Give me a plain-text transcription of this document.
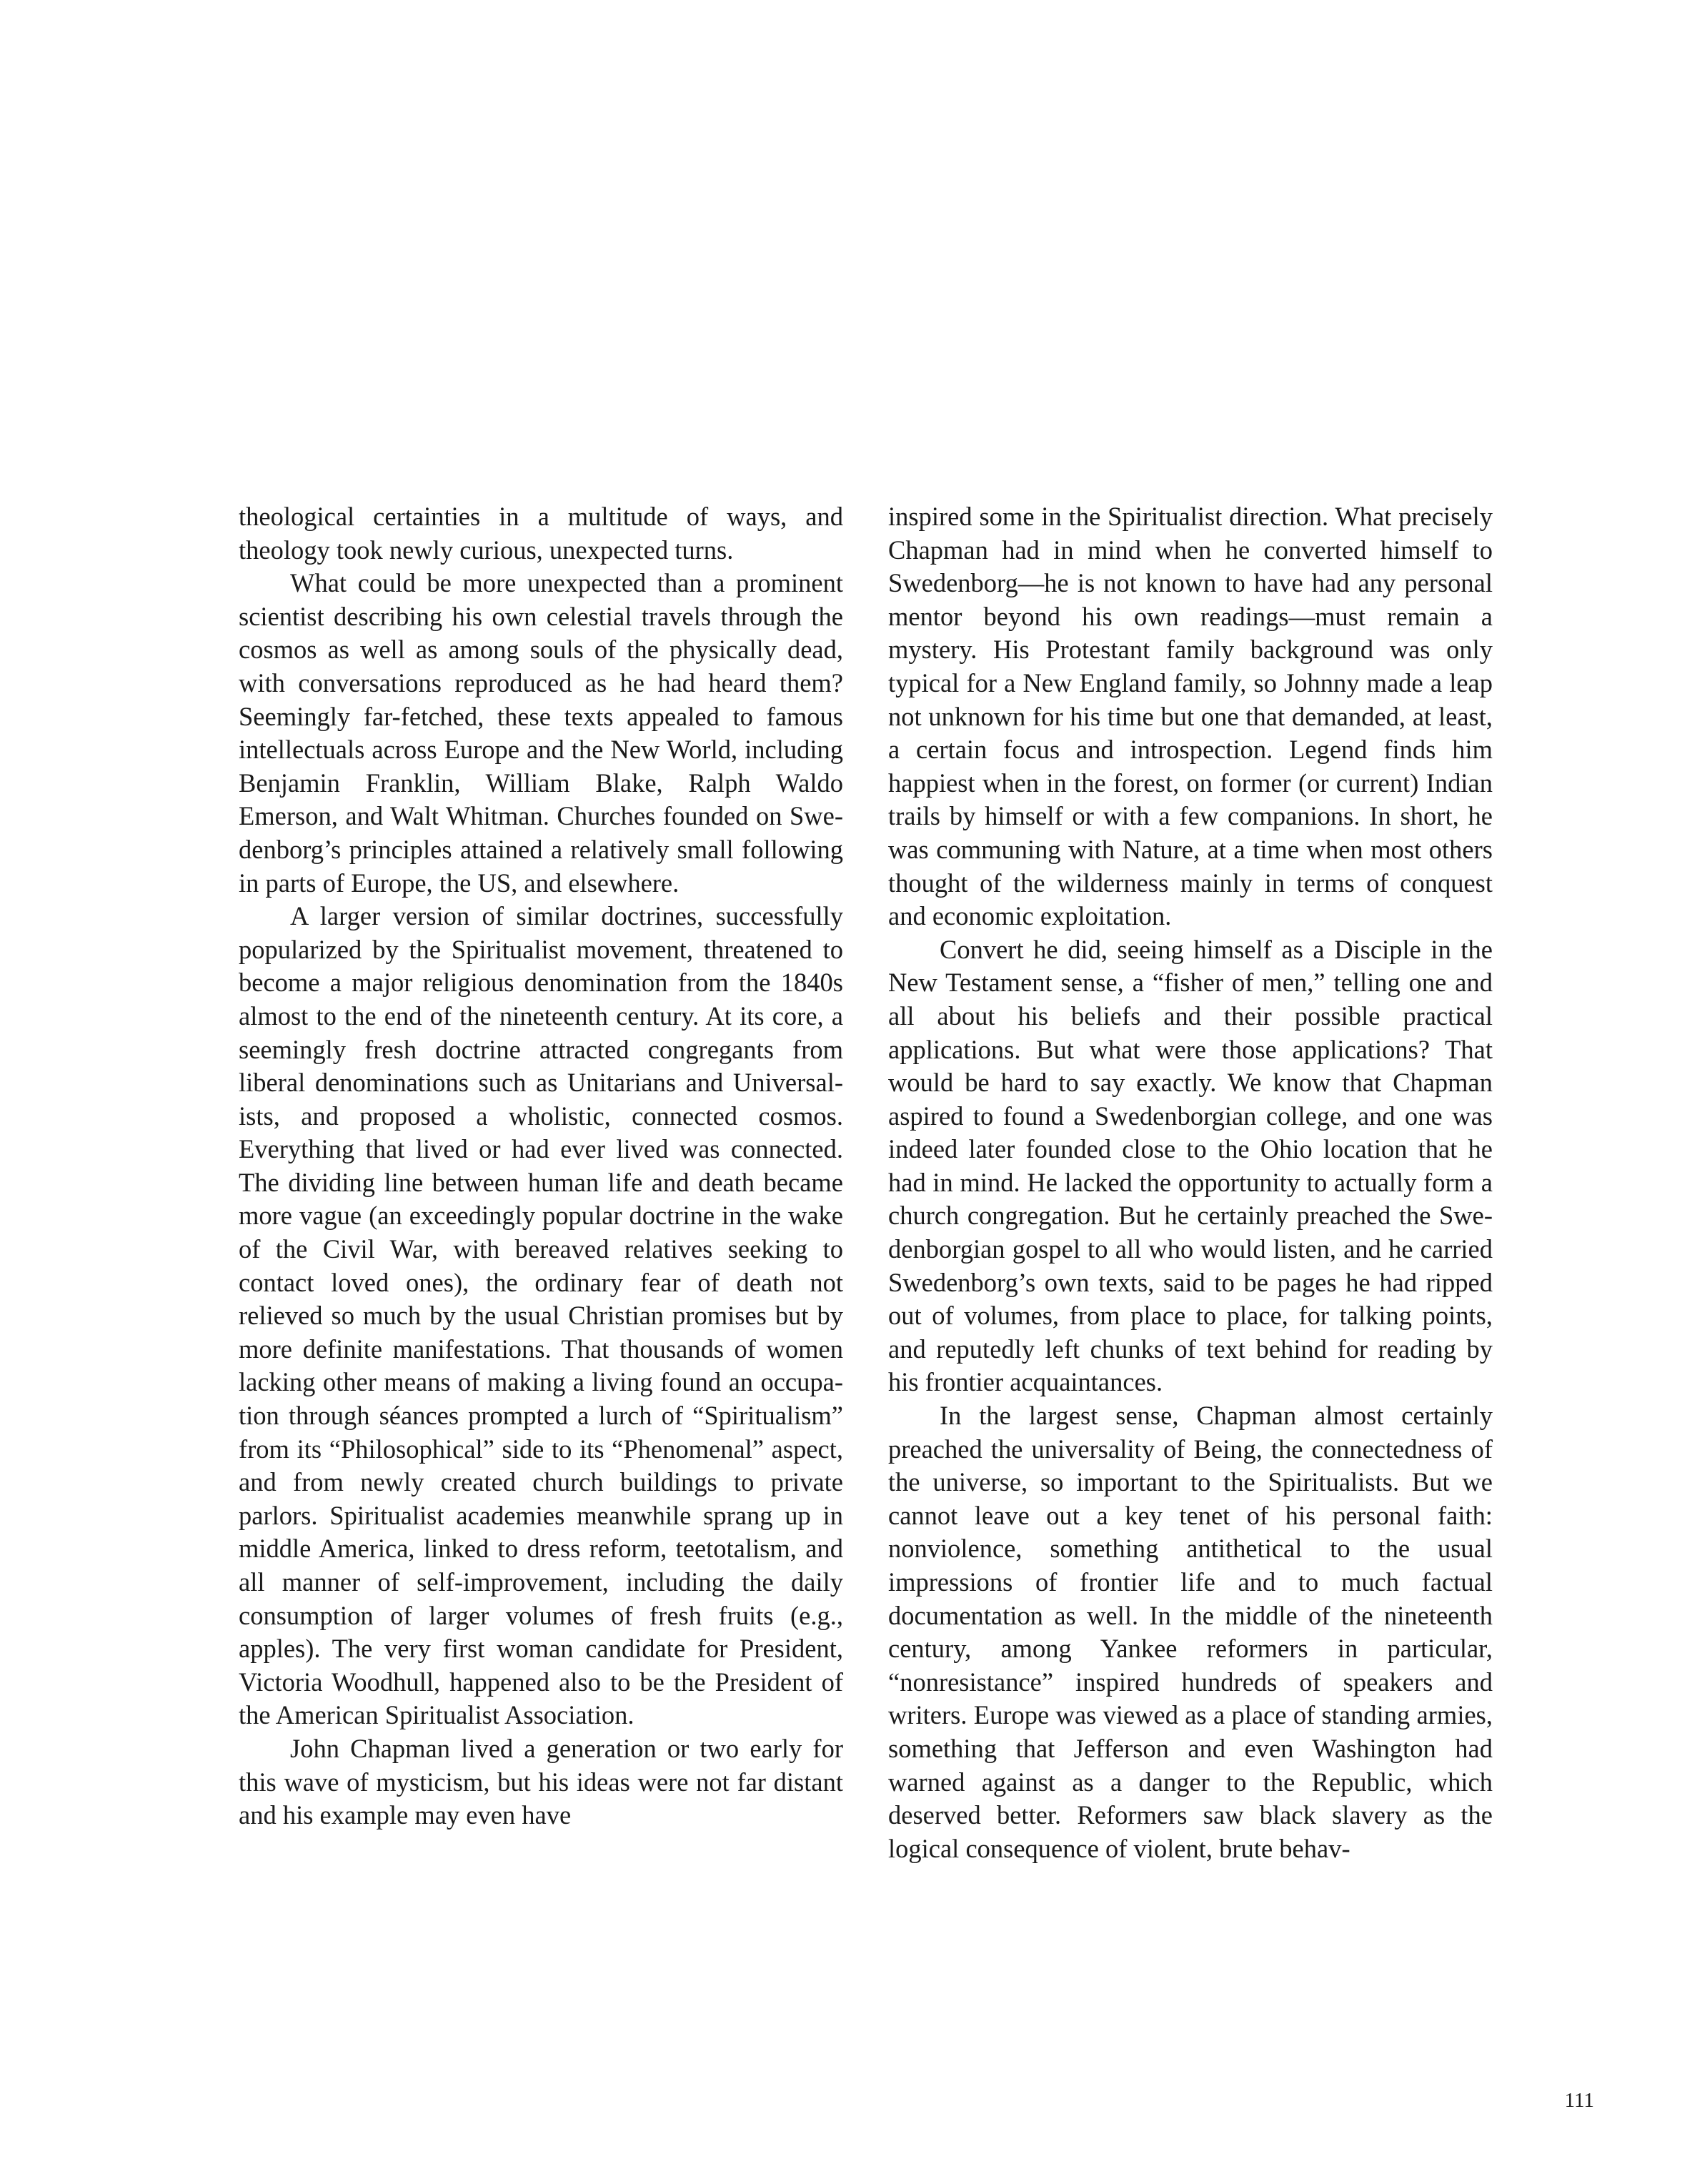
theological certainties in a multitude of ways, and theology took newly curious, unexpected turns.

What could be more unexpected than a prominent scientist describing his own celestial travels through the cosmos as well as among souls of the physically dead, with conversations reproduced as he had heard them? Seemingly far-fetched, these texts appealed to famous intellectuals across Europe and the New World, including Benjamin Franklin, William Blake, Ralph Waldo Emerson, and Walt Whitman. Churches founded on Swedenborg’s principles attained a relatively small following in parts of Europe, the US, and elsewhere.

A larger version of similar doctrines, successfully popularized by the Spiritualist movement, threatened to become a major religious denomination from the 1840s almost to the end of the nineteenth century. At its core, a seemingly fresh doctrine attracted congregants from liberal denominations such as Unitarians and Universalists, and proposed a wholistic, connected cosmos. Everything that lived or had ever lived was connected. The dividing line between human life and death became more vague (an exceedingly popular doctrine in the wake of the Civil War, with bereaved relatives seeking to contact loved ones), the ordinary fear of death not relieved so much by the usual Christian promises but by more definite manifestations. That thousands of women lacking other means of making a living found an occupation through séances prompted a lurch of “Spiritualism” from its “Philosophical” side to its “Phenomenal” aspect, and from newly created church buildings to private parlors. Spiritualist academies meanwhile sprang up in middle America, linked to dress reform, teetotalism, and all manner of self-improvement, including the daily consumption of larger volumes of fresh fruits (e.g., apples). The very first woman candidate for President, Victoria Woodhull, happened also to be the President of the American Spiritualist Association.

John Chapman lived a generation or two early for this wave of mysticism, but his ideas were not far distant and his example may even have

inspired some in the Spiritualist direction. What precisely Chapman had in mind when he converted himself to Swedenborg—he is not known to have had any personal mentor beyond his own readings—must remain a mystery. His Protestant family background was only typical for a New England family, so Johnny made a leap not unknown for his time but one that demanded, at least, a certain focus and introspection. Legend finds him happiest when in the forest, on former (or current) Indian trails by himself or with a few companions. In short, he was communing with Nature, at a time when most others thought of the wilderness mainly in terms of conquest and economic exploitation.

Convert he did, seeing himself as a Disciple in the New Testament sense, a “fisher of men,” telling one and all about his beliefs and their possible practical applications. But what were those applications? That would be hard to say exactly. We know that Chapman aspired to found a Swedenborgian college, and one was indeed later founded close to the Ohio location that he had in mind. He lacked the opportunity to actually form a church congregation. But he certainly preached the Swedenborgian gospel to all who would listen, and he carried Swedenborg’s own texts, said to be pages he had ripped out of volumes, from place to place, for talking points, and reputedly left chunks of text behind for reading by his frontier acquaintances.

In the largest sense, Chapman almost certainly preached the universality of Being, the connectedness of the universe, so important to the Spiritualists. But we cannot leave out a key tenet of his personal faith: nonviolence, something antithetical to the usual impressions of frontier life and to much factual documentation as well. In the middle of the nineteenth century, among Yankee reformers in particular, “nonresistance” inspired hundreds of speakers and writers. Europe was viewed as a place of standing armies, something that Jefferson and even Washington had warned against as a danger to the Republic, which deserved better. Reformers saw black slavery as the logical consequence of violent, brute behav-

111
